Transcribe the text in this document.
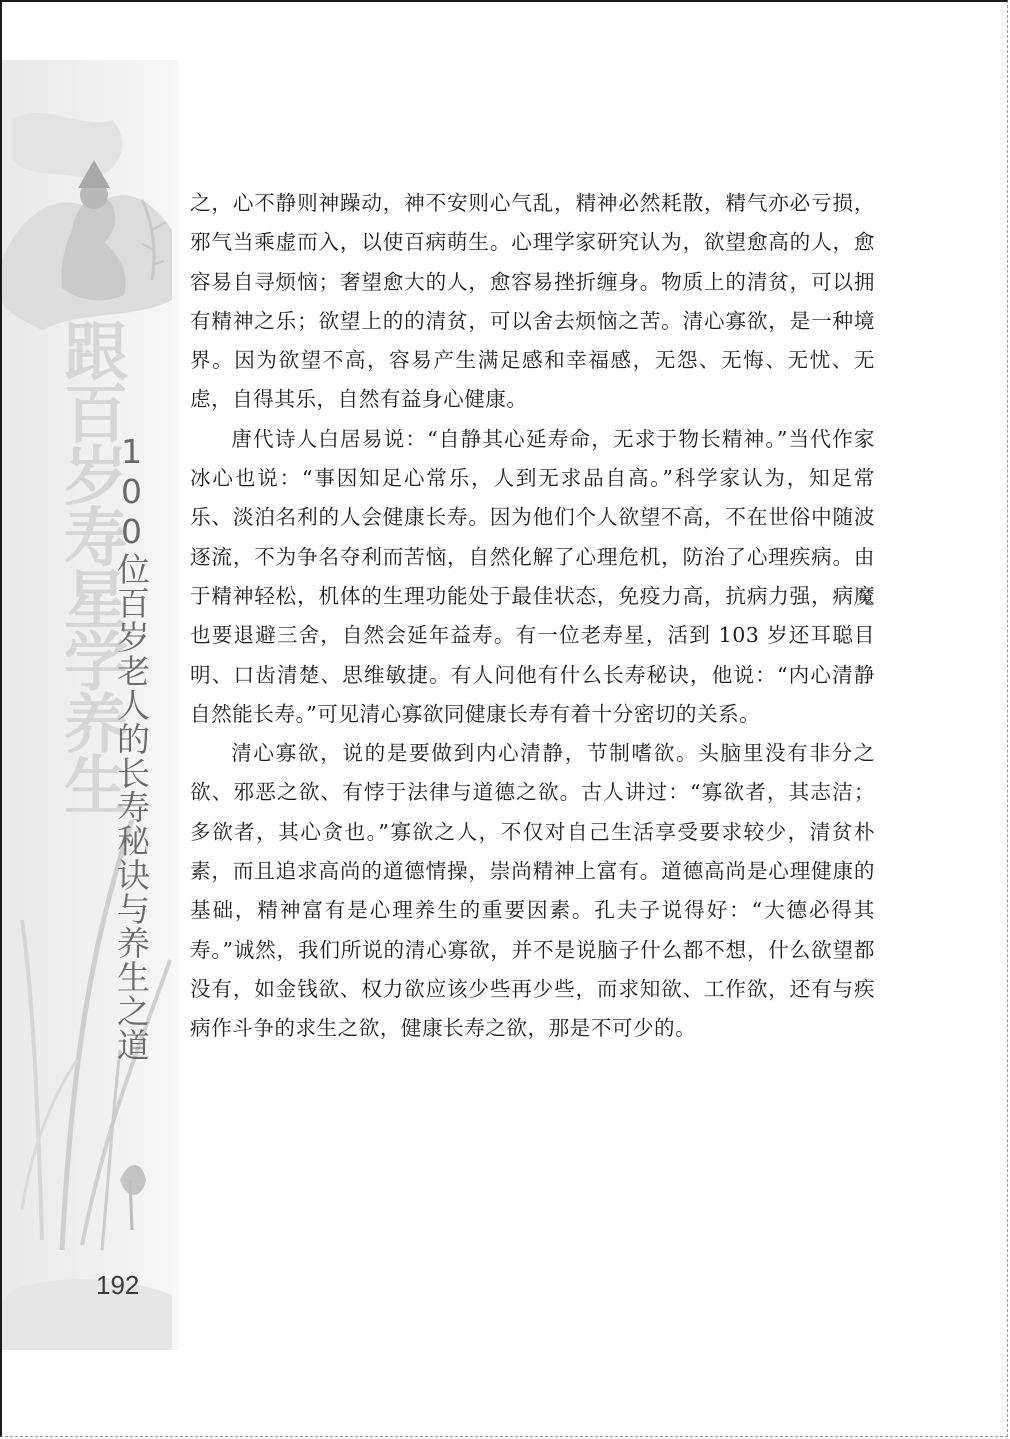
跟百岁寿星学养生
100位百岁老人的长寿秘诀与养生之道

之，心不静则神躁动，神不安则心气乱，精神必然耗散，精气亦必亏损，邪气当乘虚而入，以使百病萌生。心理学家研究认为，欲望愈高的人，愈容易自寻烦恼；奢望愈大的人，愈容易挫折缠身。物质上的清贫，可以拥有精神之乐；欲望上的的清贫，可以舍去烦恼之苦。清心寡欲，是一种境界。因为欲望不高，容易产生满足感和幸福感，无怨、无悔、无忧、无虑，自得其乐，自然有益身心健康。

唐代诗人白居易说：“自静其心延寿命，无求于物长精神。”当代作家冰心也说：“事因知足心常乐，人到无求品自高。”科学家认为，知足常乐、淡泊名利的人会健康长寿。因为他们个人欲望不高，不在世俗中随波逐流，不为争名夺利而苦恼，自然化解了心理危机，防治了心理疾病。由于精神轻松，机体的生理功能处于最佳状态，免疫力高，抗病力强，病魔也要退避三舍，自然会延年益寿。有一位老寿星，活到 103 岁还耳聪目明、口齿清楚、思维敏捷。有人问他有什么长寿秘诀，他说：“内心清静自然能长寿。”可见清心寡欲同健康长寿有着十分密切的关系。

清心寡欲，说的是要做到内心清静，节制嗜欲。头脑里没有非分之欲、邪恶之欲、有悖于法律与道德之欲。古人讲过：“寡欲者，其志洁；多欲者，其心贪也。”寡欲之人，不仅对自己生活享受要求较少，清贫朴素，而且追求高尚的道德情操，崇尚精神上富有。道德高尚是心理健康的基础，精神富有是心理养生的重要因素。孔夫子说得好：“大德必得其寿。”诚然，我们所说的清心寡欲，并不是说脑子什么都不想，什么欲望都没有，如金钱欲、权力欲应该少些再少些，而求知欲、工作欲，还有与疾病作斗争的求生之欲，健康长寿之欲，那是不可少的。

192
